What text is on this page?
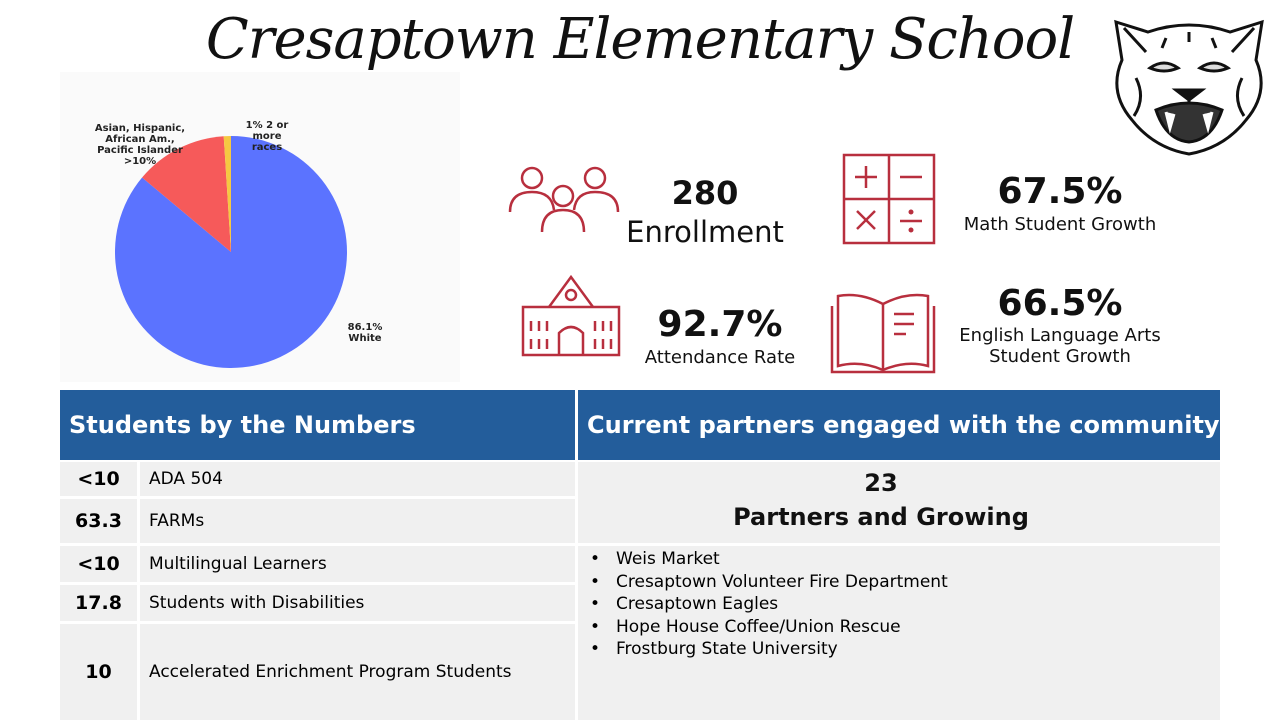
Cresaptown Elementary School
Asian, Hispanic,
African Am.,
Pacific Islander
>10%
1% 2 or more
races
86.1% White
280
Enrollment
67.5%
Math Student Growth
92.7%
Attendance Rate
66.5%
English Language Arts
Student Growth
Students by the Numbers	Current partners engaged with the community…
<10	ADA 504
63.3	FARMs
<10	Multilingual Learners
17.8	Students with Disabilities
10	Accelerated Enrichment Program Students
23
Partners and Growing
• Weis Market
• Cresaptown Volunteer Fire Department
• Cresaptown Eagles
• Hope House Coffee/Union Rescue
• Frostburg State University
